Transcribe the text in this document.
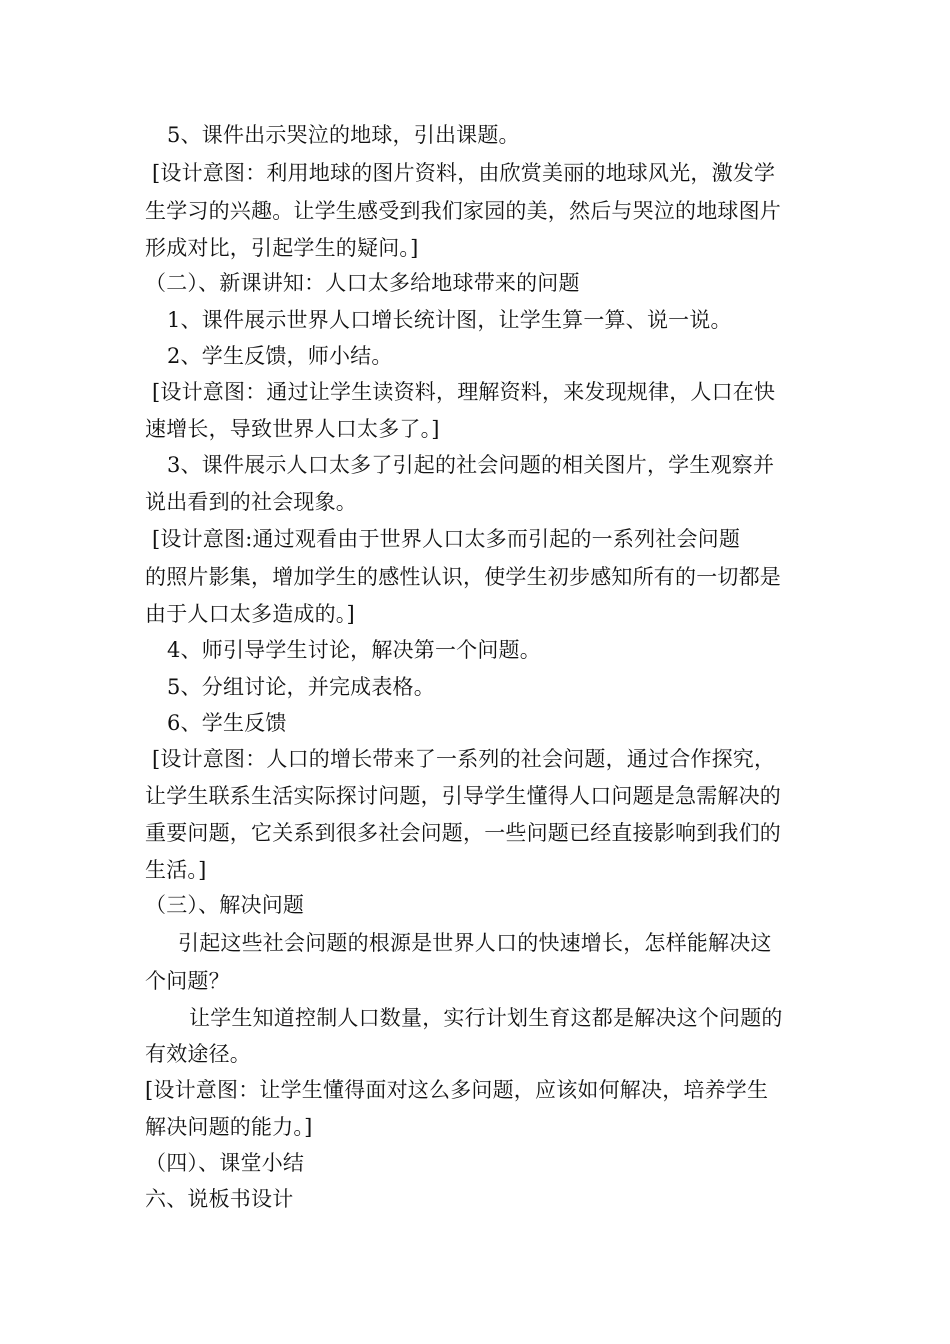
5、课件出示哭泣的地球，引出课题。
[设计意图：利用地球的图片资料，由欣赏美丽的地球风光，激发学
生学习的兴趣。让学生感受到我们家园的美，然后与哭泣的地球图片
形成对比，引起学生的疑问。]
（二）、新课讲知：人口太多给地球带来的问题
1、课件展示世界人口增长统计图，让学生算一算、说一说。
2、学生反馈，师小结。
[设计意图：通过让学生读资料，理解资料，来发现规律，人口在快
速增长，导致世界人口太多了。]
3、课件展示人口太多了引起的社会问题的相关图片，学生观察并
说出看到的社会现象。
[设计意图:通过观看由于世界人口太多而引起的一系列社会问题
的照片影集，增加学生的感性认识，使学生初步感知所有的一切都是
由于人口太多造成的。]
4、师引导学生讨论，解决第一个问题。
5、分组讨论，并完成表格。
6、学生反馈
[设计意图：人口的增长带来了一系列的社会问题，通过合作探究，
让学生联系生活实际探讨问题，引导学生懂得人口问题是急需解决的
重要问题，它关系到很多社会问题，一些问题已经直接影响到我们的
生活。]
（三）、解决问题
引起这些社会问题的根源是世界人口的快速增长，怎样能解决这
个问题？
让学生知道控制人口数量，实行计划生育这都是解决这个问题的
有效途径。
[设计意图：让学生懂得面对这么多问题，应该如何解决，培养学生
解决问题的能力。]
（四）、课堂小结
六、说板书设计
